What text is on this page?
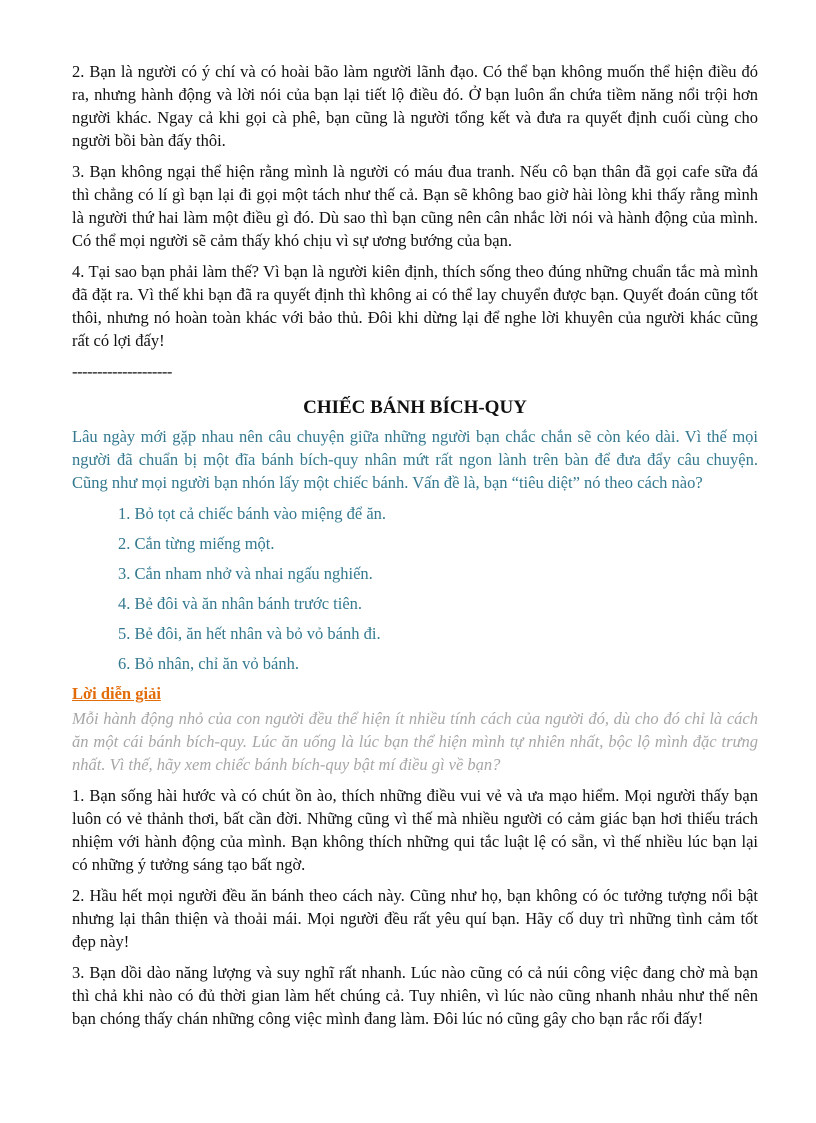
2. Bạn là người có ý chí và có hoài bão làm người lãnh đạo. Có thể bạn không muốn thể hiện điều đó ra, nhưng hành động và lời nói của bạn lại tiết lộ điều đó. Ở bạn luôn ẩn chứa tiềm năng nổi trội hơn người khác. Ngay cả khi gọi cà phê, bạn cũng là người tổng kết và đưa ra quyết định cuối cùng cho người bồi bàn đấy thôi.

3. Bạn không ngại thể hiện rằng mình là người có máu đua tranh. Nếu cô bạn thân đã gọi cafe sữa đá thì chẳng có lí gì bạn lại đi gọi một tách như thế cả. Bạn sẽ không bao giờ hài lòng khi thấy rằng mình là người thứ hai làm một điều gì đó. Dù sao thì bạn cũng nên cân nhắc lời nói và hành động của mình. Có thể mọi người sẽ cảm thấy khó chịu vì sự ương bướng của bạn.

4. Tại sao bạn phải làm thế? Vì bạn là người kiên định, thích sống theo đúng những chuẩn tắc mà mình đã đặt ra. Vì thế khi bạn đã ra quyết định thì không ai có thể lay chuyển được bạn. Quyết đoán cũng tốt thôi, nhưng nó hoàn toàn khác với bảo thủ. Đôi khi dừng lại để nghe lời khuyên của người khác cũng rất có lợi đấy!

--------------------
CHIẾC BÁNH BÍCH-QUY

Lâu ngày mới gặp nhau nên câu chuyện giữa những người bạn chắc chắn sẽ còn kéo dài. Vì thế mọi người đã chuẩn bị một đĩa bánh bích-quy nhân mứt rất ngon lành trên bàn để đưa đẩy câu chuyện. Cũng như mọi người bạn nhón lấy một chiếc bánh. Vấn đề là, bạn “tiêu diệt” nó theo cách nào?

1. Bỏ tọt cả chiếc bánh vào miệng để ăn.
2. Cắn từng miếng một.
3. Cắn nham nhở và nhai ngấu nghiến.
4. Bẻ đôi và ăn nhân bánh trước tiên.
5. Bẻ đôi, ăn hết nhân và bỏ vỏ bánh đi.
6. Bỏ nhân, chỉ ăn vỏ bánh.
Lời diễn giải

Mỗi hành động nhỏ của con người đều thể hiện ít nhiều tính cách của người đó, dù cho đó chỉ là cách ăn một cái bánh bích-quy. Lúc ăn uống là lúc bạn thể hiện mình tự nhiên nhất, bộc lộ mình đặc trưng nhất. Vì thế, hãy xem chiếc bánh bích-quy bật mí điều gì về bạn?

1. Bạn sống hài hước và có chút ồn ào, thích những điều vui vẻ và ưa mạo hiểm. Mọi người thấy bạn luôn có vẻ thảnh thơi, bất cần đời. Những cũng vì thế mà nhiều người có cảm giác bạn hơi thiếu trách nhiệm với hành động của mình. Bạn không thích những qui tắc luật lệ có sẵn, vì thế nhiều lúc bạn lại có những ý tưởng sáng tạo bất ngờ.

2. Hầu hết mọi người đều ăn bánh theo cách này. Cũng như họ, bạn không có óc tưởng tượng nổi bật nhưng lại thân thiện và thoải mái. Mọi người đều rất yêu quí bạn. Hãy cố duy trì những tình cảm tốt đẹp này!

3. Bạn dồi dào năng lượng và suy nghĩ rất nhanh. Lúc nào cũng có cả núi công việc đang chờ mà bạn thì chả khi nào có đủ thời gian làm hết chúng cả. Tuy nhiên, vì lúc nào cũng nhanh nhảu như thế nên bạn chóng thấy chán những công việc mình đang làm. Đôi lúc nó cũng gây cho bạn rắc rối đấy!
